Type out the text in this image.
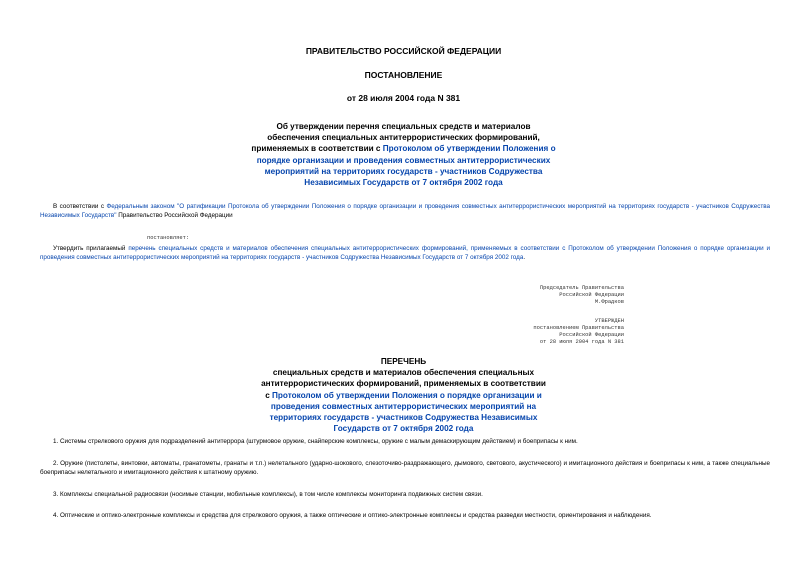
ПРАВИТЕЛЬСТВО РОССИЙСКОЙ ФЕДЕРАЦИИ
ПОСТАНОВЛЕНИЕ
от 28 июля 2004 года N 381
Об утверждении перечня специальных средств и материалов
обеспечения специальных антитеррористических формирований,
применяемых в соответствии с Протоколом об утверждении Положения о
порядке организации и проведения совместных антитеррористических
мероприятий на территориях государств - участников Содружества
Независимых Государств от 7 октября 2002 года
В соответствии с Федеральным законом "О ратификации Протокола об утверждении Положения о порядке организации и проведения совместных антитеррористических мероприятий на территориях государств - участников Содружества Независимых Государств" Правительство Российской Федерации
постановляет:
Утвердить прилагаемый перечень специальных средств и материалов обеспечения специальных антитеррористических формирований, применяемых в соответствии с Протоколом об утверждении Положения о порядке организации и проведения совместных антитеррористических мероприятий на территориях государств - участников Содружества Независимых Государств от 7 октября 2002 года.
Председатель Правительства
Российской Федерации
М.Фрадков
УТВЕРЖДЕН
постановлением Правительства
Российской Федерации
от 28 июля 2004 года N 381
ПЕРЕЧЕНЬ
специальных средств и материалов обеспечения специальных
антитеррористических формирований, применяемых в соответствии
с Протоколом об утверждении Положения о порядке организации и
проведения совместных антитеррористических мероприятий на
территориях государств - участников Содружества Независимых
Государств от 7 октября 2002 года
1. Системы стрелкового оружия для подразделений антитеррора (штурмовое оружие, снайперские комплексы, оружие с малым демаскирующим действием) и боеприпасы к ним.
2. Оружие (пистолеты, винтовки, автоматы, гранатометы, гранаты и т.п.) нелетального (ударно-шокового, слезоточиво-раздражающего, дымового, светового, акустического) и имитационного действия и боеприпасы к ним, а также специальные боеприпасы нелетального и имитационного действия к штатному оружию.
3. Комплексы специальной радиосвязи (носимые станции, мобильные комплексы), в том числе комплексы мониторинга подвижных систем связи.
4. Оптические и оптико-электронные комплексы и средства для стрелкового оружия, а также оптические и оптико-электронные комплексы и средства разведки местности, ориентирования и наблюдения.
